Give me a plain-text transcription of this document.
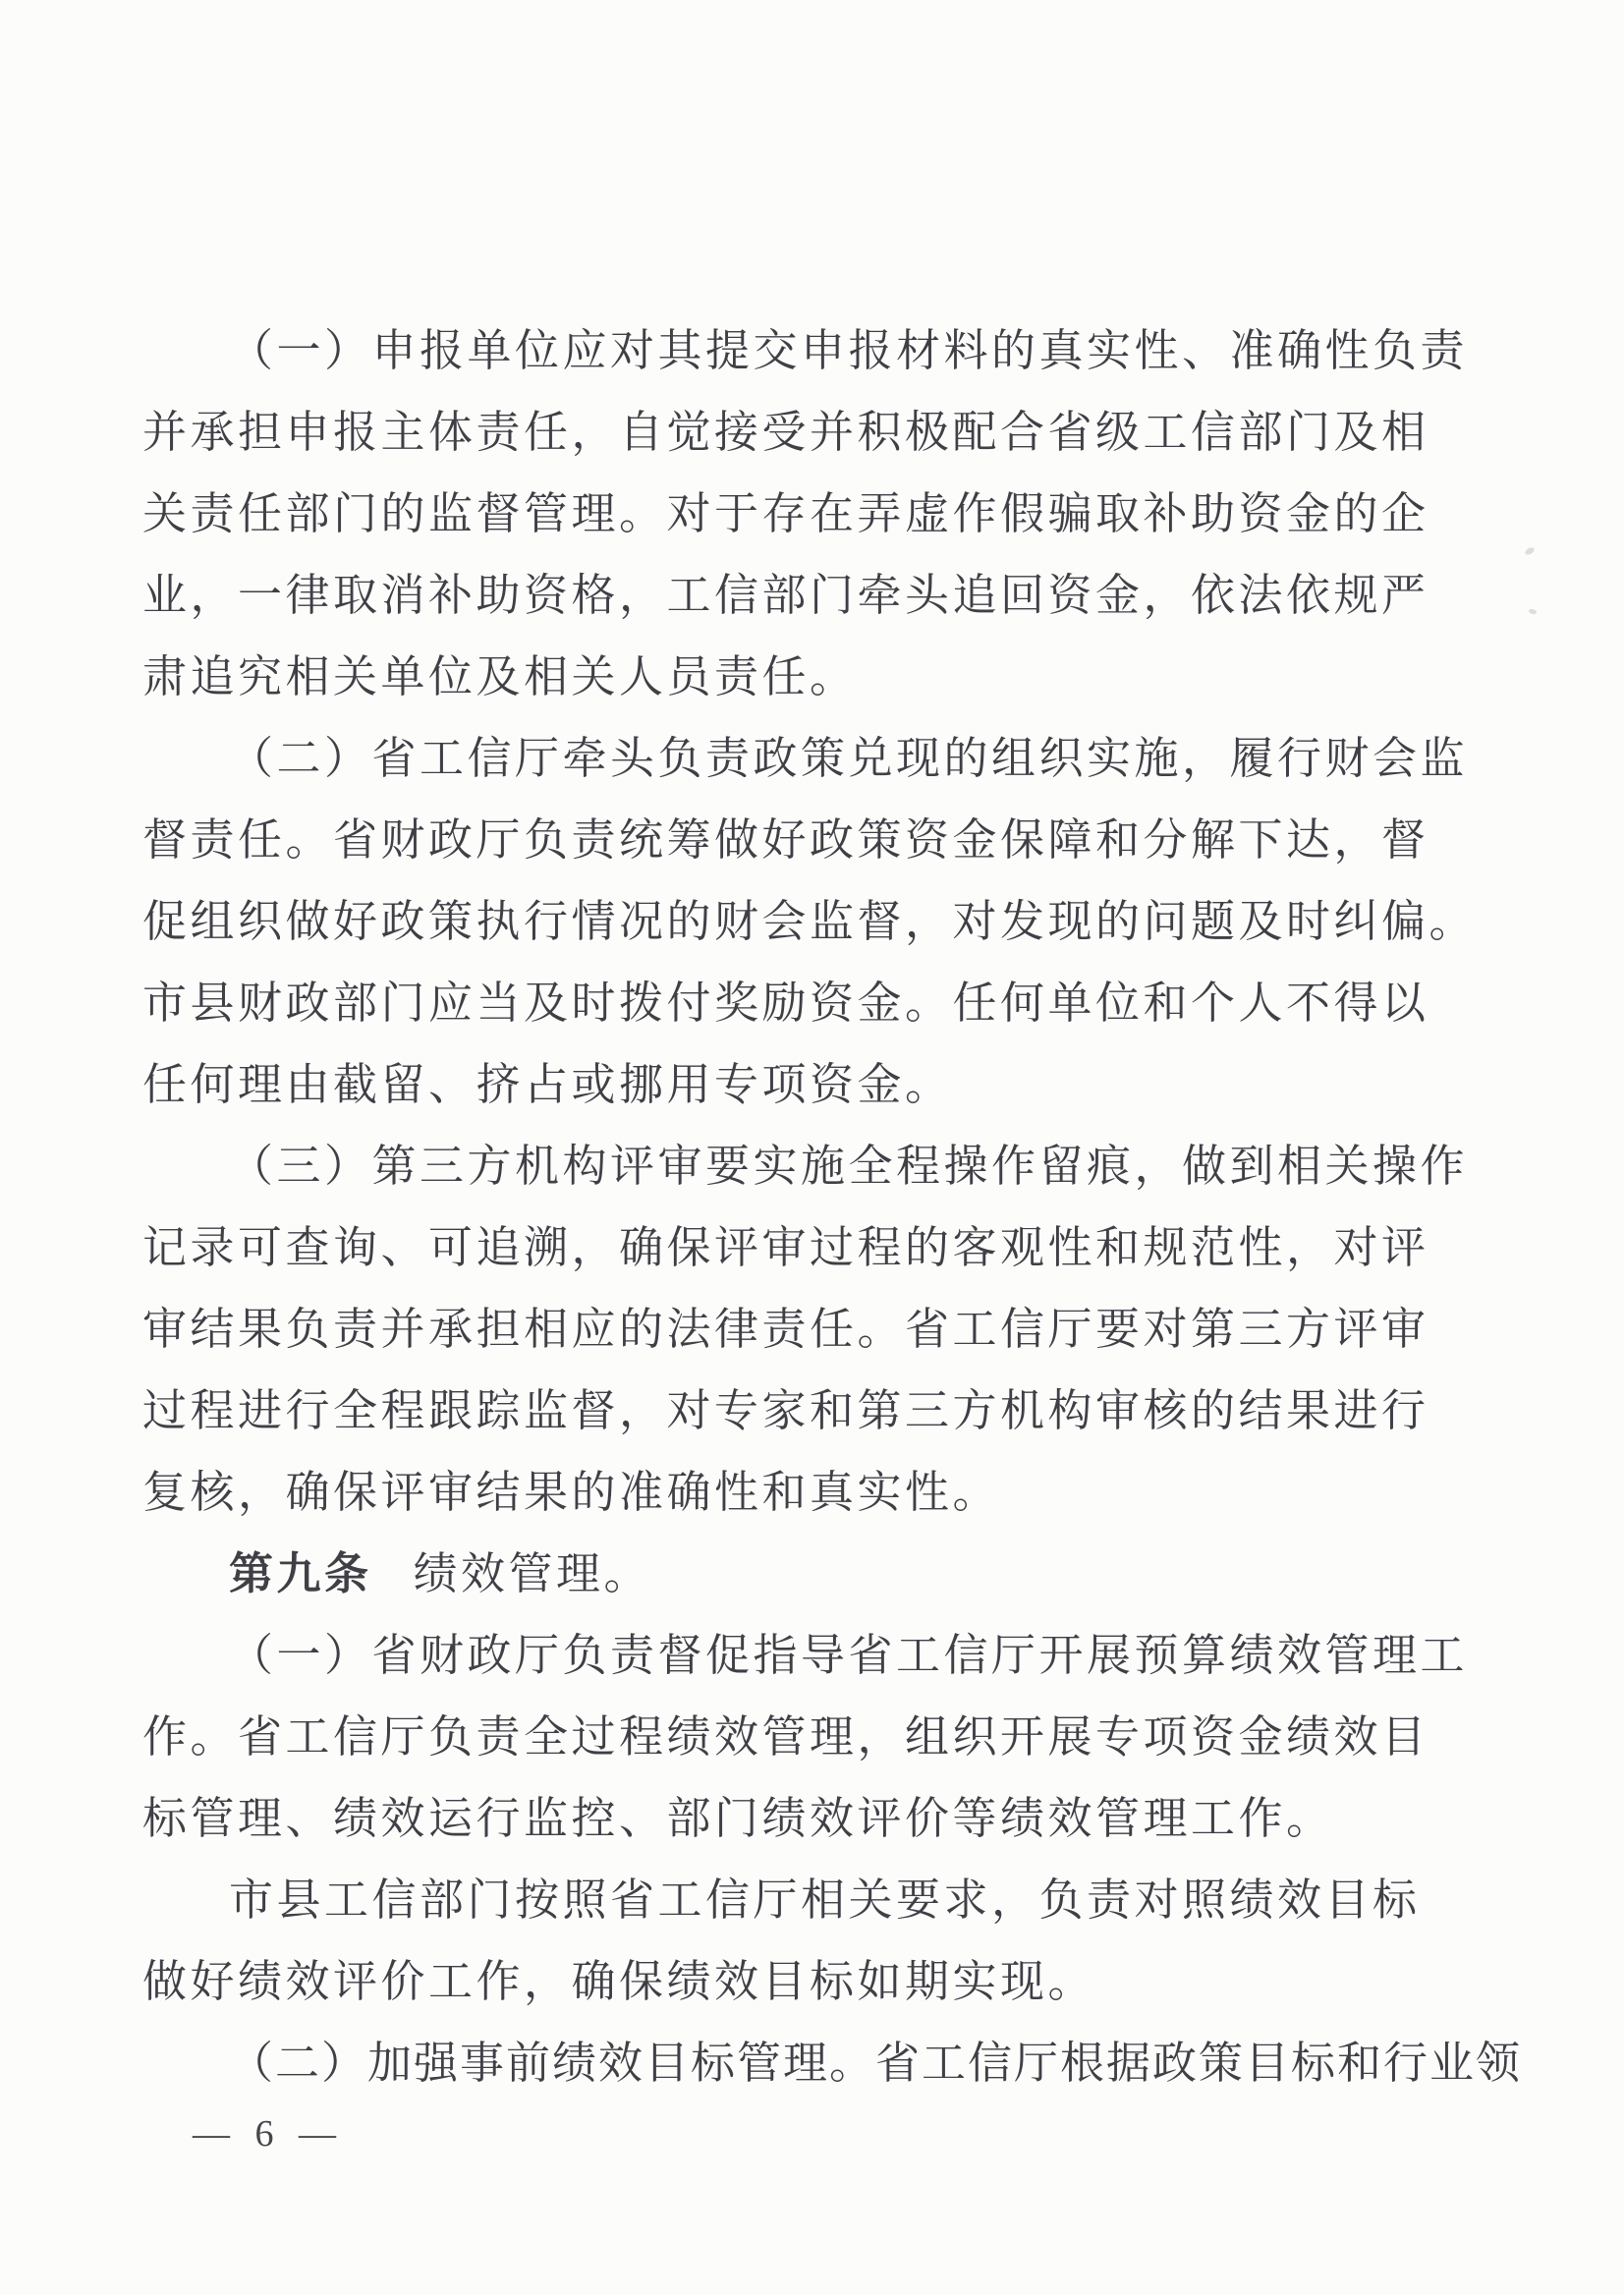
（一）申报单位应对其提交申报材料的真实性、准确性负责
并承担申报主体责任，自觉接受并积极配合省级工信部门及相
关责任部门的监督管理。对于存在弄虚作假骗取补助资金的企
业，一律取消补助资格，工信部门牵头追回资金，依法依规严
肃追究相关单位及相关人员责任。
（二）省工信厅牵头负责政策兑现的组织实施，履行财会监
督责任。省财政厅负责统筹做好政策资金保障和分解下达，督
促组织做好政策执行情况的财会监督，对发现的问题及时纠偏。
市县财政部门应当及时拨付奖励资金。任何单位和个人不得以
任何理由截留、挤占或挪用专项资金。
（三）第三方机构评审要实施全程操作留痕，做到相关操作
记录可查询、可追溯，确保评审过程的客观性和规范性，对评
审结果负责并承担相应的法律责任。省工信厅要对第三方评审
过程进行全程跟踪监督，对专家和第三方机构审核的结果进行
复核，确保评审结果的准确性和真实性。
第九条 绩效管理。
（一）省财政厅负责督促指导省工信厅开展预算绩效管理工
作。省工信厅负责全过程绩效管理，组织开展专项资金绩效目
标管理、绩效运行监控、部门绩效评价等绩效管理工作。
市县工信部门按照省工信厅相关要求，负责对照绩效目标
做好绩效评价工作，确保绩效目标如期实现。
（二）加强事前绩效目标管理。省工信厅根据政策目标和行业领
— 6 —
